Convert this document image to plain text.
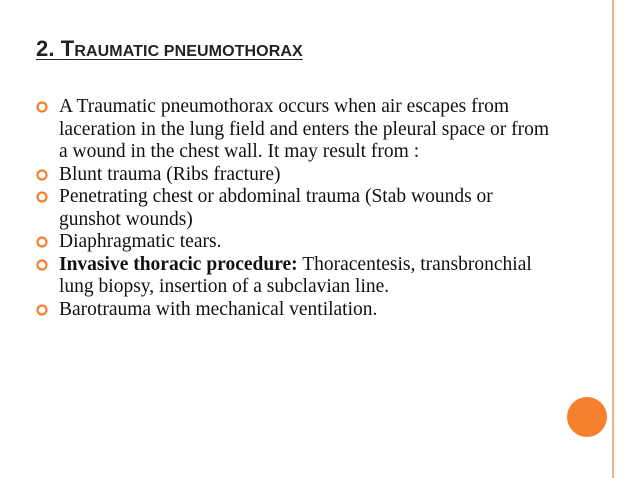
2. TRAUMATIC PNEUMOTHORAX

A Traumatic pneumothorax occurs when air escapes from laceration in the lung field and enters the pleural space or from a wound in the chest wall. It may result from :

Blunt trauma (Ribs fracture)

Penetrating chest or abdominal trauma (Stab wounds or gunshot wounds)

Diaphragmatic tears.

Invasive thoracic procedure: Thoracentesis, transbronchial lung biopsy, insertion of a subclavian line.

Barotrauma with mechanical ventilation.
